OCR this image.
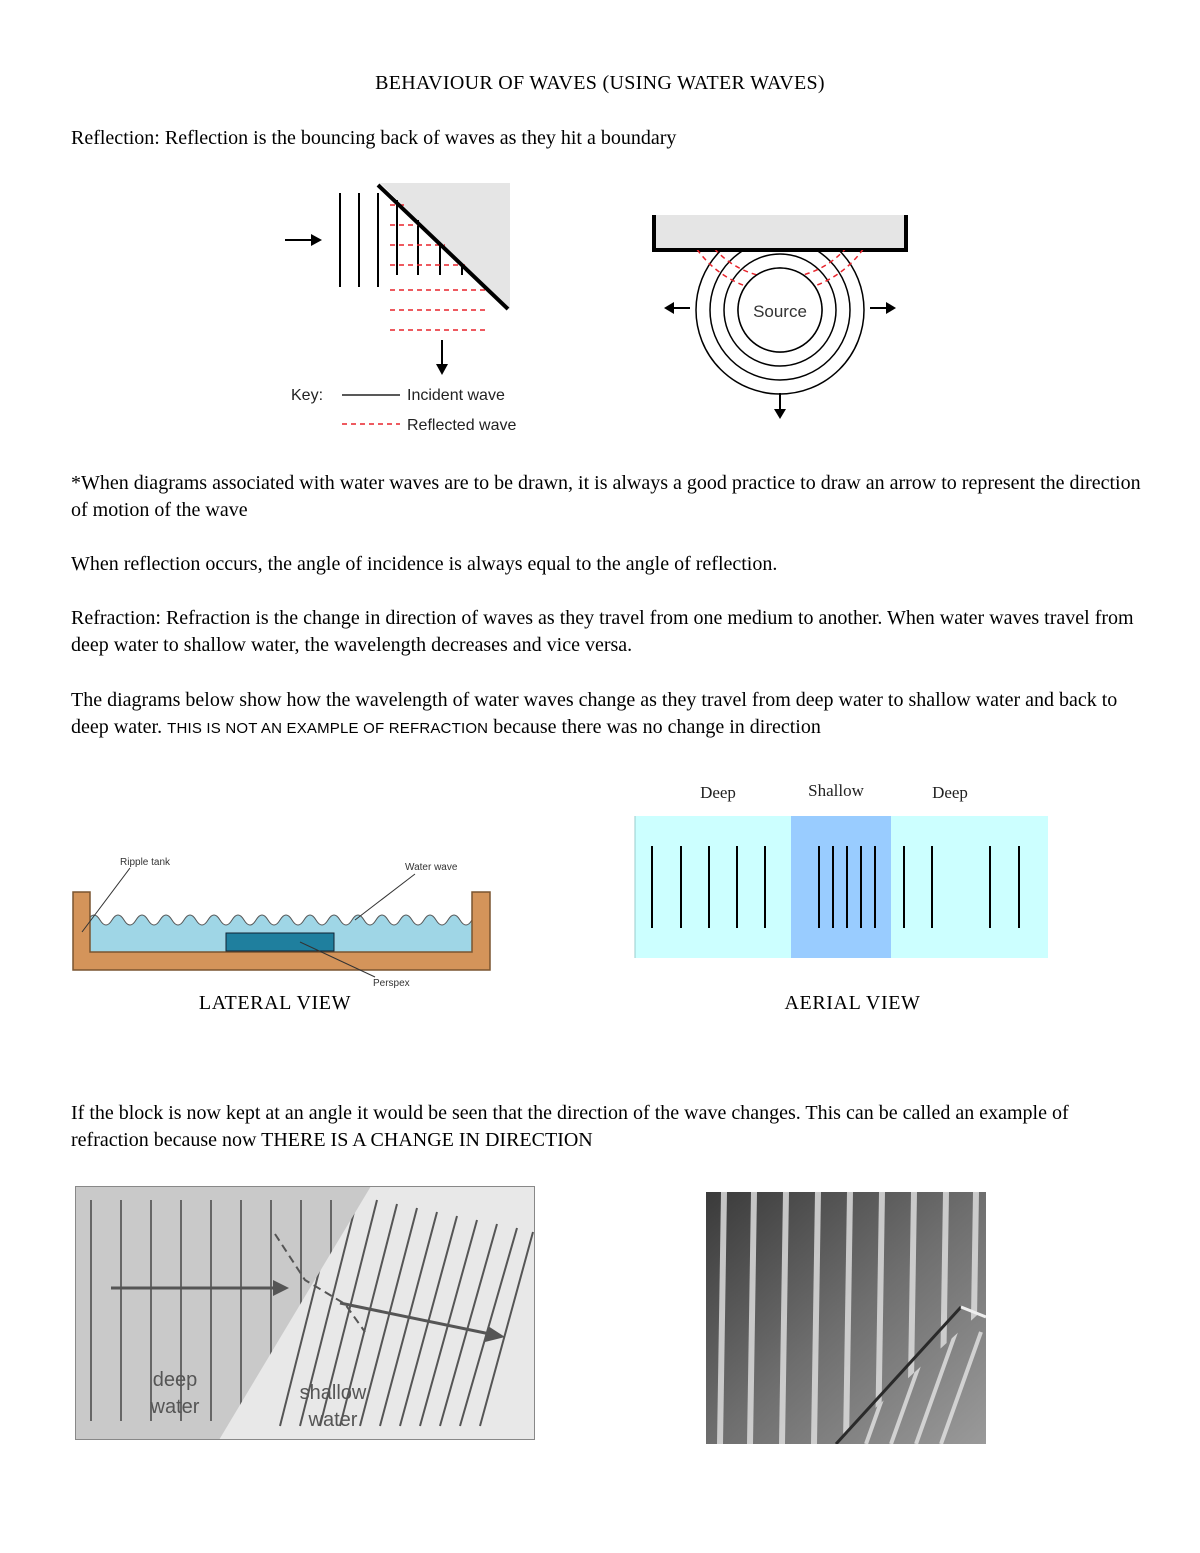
BEHAVIOUR OF WAVES (USING WATER WAVES)
Reflection: Reflection is the bouncing back of waves as they hit a boundary
Key:	Incident wave
Reflected wave
Source
*When diagrams associated with water waves are to be drawn, it is always a good practice to draw an arrow to represent the direction of motion of the wave
When reflection occurs, the angle of incidence is always equal to the angle of reflection.
Refraction: Refraction is the change in direction of waves as they travel from one medium to another. When water waves travel from deep water to shallow water, the wavelength decreases and vice versa.
The diagrams below show how the wavelength of water waves change as they travel from deep water to shallow water and back to deep water. THIS IS NOT AN EXAMPLE OF REFRACTION because there was no change in direction
Ripple tank	Water wave
Perspex
LATERAL VIEW
Deep	Shallow	Deep
AERIAL VIEW
If the block is now kept at an angle it would be seen that the direction of the wave changes. This can be called an example of refraction because now THERE IS A CHANGE IN DIRECTION
deep
water
shallow
water
